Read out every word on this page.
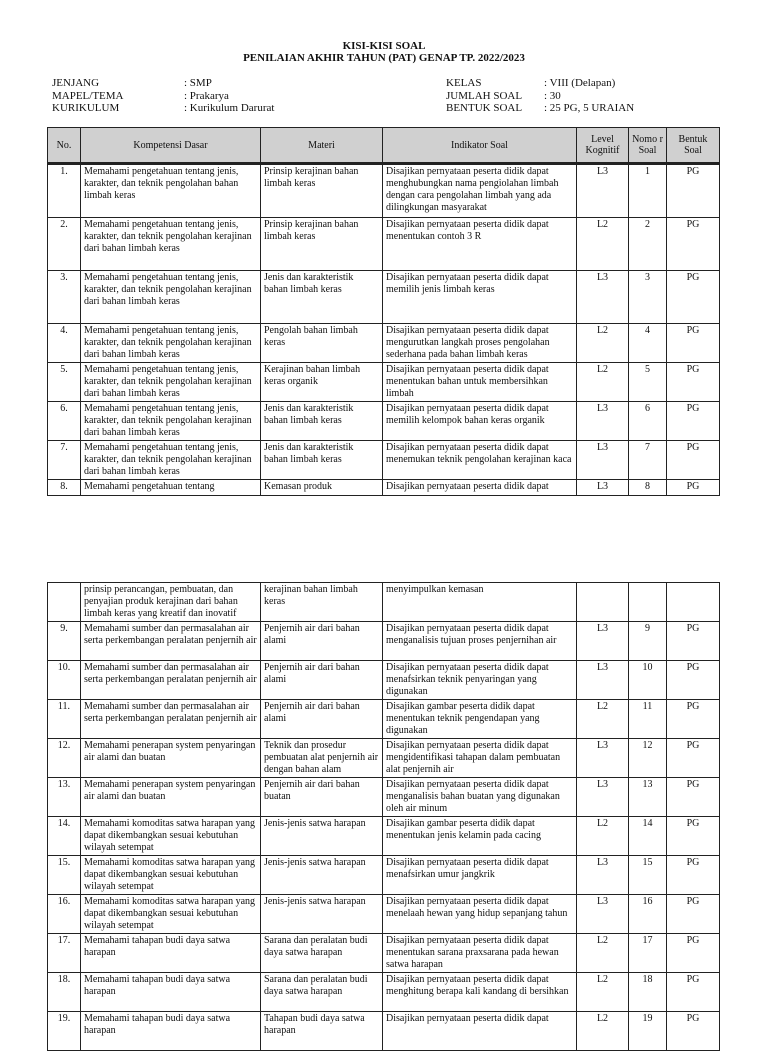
KISI-KISI SOAL
PENILAIAN AKHIR TAHUN (PAT) GENAP TP. 2022/2023
JENJANG	: SMP
MAPEL/TEMA	: Prakarya
KURIKULUM	: Kurikulum Darurat
KELAS	: VIII (Delapan)
JUMLAH SOAL	: 30
BENTUK SOAL	: 25 PG, 5 URAIAN
No.	Kompetensi Dasar	Materi	Indikator Soal	Level Kognitif	Nomo r Soal	Bentuk Soal
1.	Memahami pengetahuan tentang jenis, karakter, dan teknik pengolahan bahan limbah keras	Prinsip kerajinan bahan limbah keras	Disajikan pernyataan peserta didik dapat menghubungkan nama pengiolahan limbah dengan cara pengolahan limbah yang ada dilingkungan masyarakat	L3	1	PG
2.	Memahami pengetahuan tentang jenis, karakter, dan teknik pengolahan kerajinan dari bahan limbah keras	Prinsip kerajinan bahan limbah keras	Disajikan pernyataan peserta didik dapat menentukan contoh 3 R	L2	2	PG
3.	Memahami pengetahuan tentang jenis, karakter, dan teknik pengolahan kerajinan dari bahan limbah keras	Jenis dan karakteristik bahan limbah keras	Disajikan pernyataan peserta didik dapat memilih jenis limbah keras	L3	3	PG
4.	Memahami pengetahuan tentang jenis, karakter, dan teknik pengolahan kerajinan dari bahan limbah keras	Pengolah bahan limbah keras	Disajikan pernyataan peserta didik dapat mengurutkan langkah proses pengolahan sederhana pada bahan limbah keras	L2	4	PG
5.	Memahami pengetahuan tentang jenis, karakter, dan teknik pengolahan kerajinan dari bahan limbah keras	Kerajinan bahan limbah keras organik	Disajikan pernyataan peserta didik dapat menentukan bahan untuk membersihkan limbah	L2	5	PG
6.	Memahami pengetahuan tentang jenis, karakter, dan teknik pengolahan kerajinan dari bahan limbah keras	Jenis dan karakteristik bahan limbah keras	Disajikan pernyataan peserta didik dapat memilih kelompok bahan keras organik	L3	6	PG
7.	Memahami pengetahuan tentang jenis, karakter, dan teknik pengolahan kerajinan dari bahan limbah keras	Jenis dan karakteristik bahan limbah keras	Disajikan pernyataan peserta didik dapat menemukan teknik pengolahan kerajinan kaca	L3	7	PG
8.	Memahami pengetahuan tentang	Kemasan produk	Disajikan pernyataan peserta didik dapat	L3	8	PG
	prinsip perancangan, pembuatan, dan penyajian produk kerajinan dari bahan limbah keras yang kreatif dan inovatif	kerajinan bahan limbah keras	menyimpulkan kemasan			
9.	Memahami sumber dan permasalahan air serta perkembangan peralatan penjernih air	Penjernih air dari bahan alami	Disajikan pernyataan peserta didik dapat menganalisis tujuan proses penjernihan air	L3	9	PG
10.	Memahami sumber dan permasalahan air serta perkembangan peralatan penjernih air	Penjernih air dari bahan alami	Disajikan pernyataan peserta didik dapat menafsirkan teknik penyaringan yang digunakan	L3	10	PG
11.	Memahami sumber dan permasalahan air serta perkembangan peralatan penjernih air	Penjernih air dari bahan alami	Disajikan gambar peserta didik dapat menentukan teknik pengendapan yang digunakan	L2	11	PG
12.	Memahami penerapan system penyaringan air alami dan buatan	Teknik dan prosedur pembuatan alat penjernih air dengan bahan alam	Disajikan pernyataan peserta didik dapat mengidentifikasi tahapan dalam pembuatan alat penjernih air	L3	12	PG
13.	Memahami penerapan system penyaringan air alami dan buatan	Penjernih air dari bahan buatan	Disajikan pernyataan peserta didik dapat menganalisis bahan buatan yang digunakan oleh air minum	L3	13	PG
14.	Memahami komoditas satwa harapan yang dapat dikembangkan sesuai kebutuhan wilayah setempat	Jenis-jenis satwa harapan	Disajikan gambar peserta didik dapat menentukan jenis kelamin pada cacing	L2	14	PG
15.	Memahami komoditas satwa harapan yang dapat dikembangkan sesuai kebutuhan wilayah setempat	Jenis-jenis satwa harapan	Disajikan pernyataan peserta didik dapat menafsirkan umur jangkrik	L3	15	PG
16.	Memahami komoditas satwa harapan yang dapat dikembangkan sesuai kebutuhan wilayah setempat	Jenis-jenis satwa harapan	Disajikan pernyataan peserta didik dapat menelaah hewan yang hidup sepanjang tahun	L3	16	PG
17.	Memahami tahapan budi daya satwa harapan	Sarana dan peralatan budi daya satwa harapan	Disajikan pernyataan peserta didik dapat menentukan sarana praxsarana pada hewan satwa harapan	L2	17	PG
18.	Memahami tahapan budi daya satwa harapan	Sarana dan peralatan budi daya satwa harapan	Disajikan pernyataan peserta didik dapat menghitung berapa kali kandang di bersihkan	L2	18	PG
19.	Memahami tahapan budi daya satwa harapan	Tahapan budi daya satwa harapan	Disajikan pernyataan peserta didik dapat	L2	19	PG
